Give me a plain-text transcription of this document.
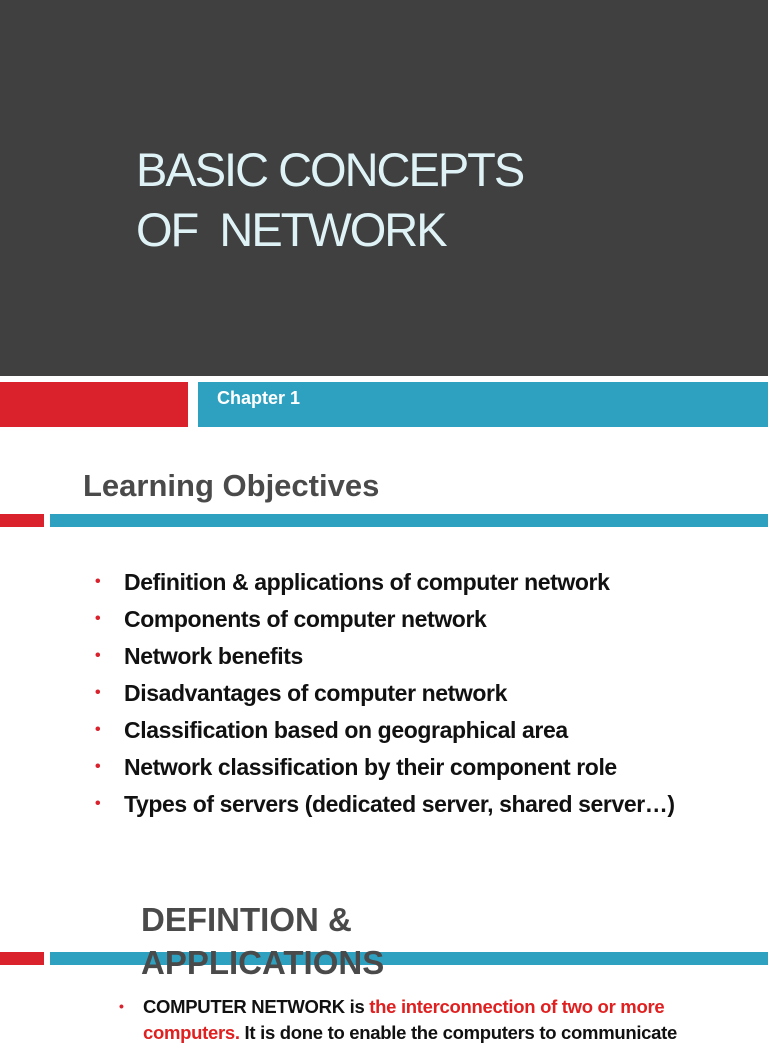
BASIC CONCEPTS
OF  NETWORK
Chapter 1
Learning Objectives
• Definition & applications of computer network
• Components of computer network
• Network benefits
• Disadvantages of computer network
• Classification based on geographical area
• Network classification by their component role
• Types of servers (dedicated server, shared server…)
DEFINTION & APPLICATIONS
•	COMPUTER NETWORK is the interconnection of two or more computers. It is done to enable the computers to communicate
